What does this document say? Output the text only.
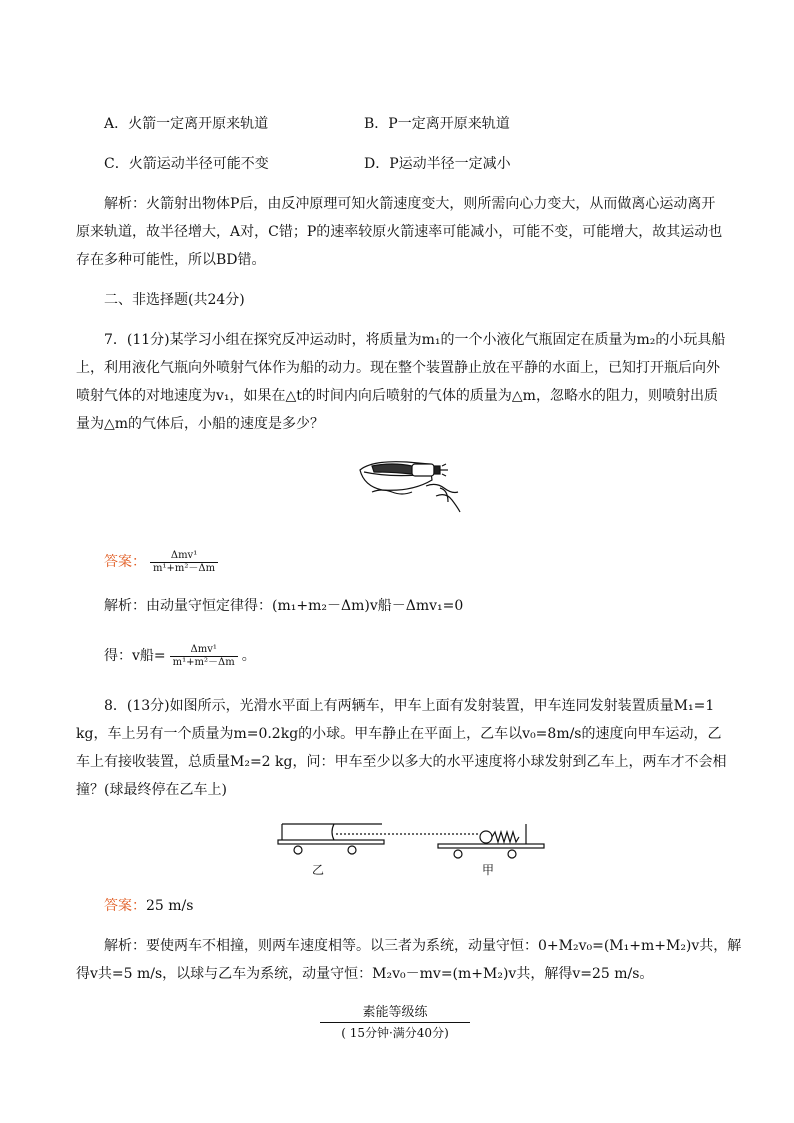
A．火箭一定离开原来轨道	B．P一定离开原来轨道
C．火箭运动半径可能不变	D．P运动半径一定减小
解析：火箭射出物体P后，由反冲原理可知火箭速度变大，则所需向心力变大，从而做离心运动离开
原来轨道，故半径增大，A对，C错；P的速率较原火箭速率可能减小，可能不变，可能增大，故其运动也
存在多种可能性，所以BD错。
二、非选择题(共24分)
7．(11分)某学习小组在探究反冲运动时，将质量为m₁的一个小液化气瓶固定在质量为m₂的小玩具船
上，利用液化气瓶向外喷射气体作为船的动力。现在整个装置静止放在平静的水面上，已知打开瓶后向外
喷射气体的对地速度为v₁，如果在△t的时间内向后喷射的气体的质量为△m，忽略水的阻力，则喷射出质
量为△m的气体后，小船的速度是多少？
答案： $\frac{\text{Δmv¹}}{\text{m¹+m²－Δm}}$
解析：由动量守恒定律得：(m₁+m₂－Δm)v船－Δmv₁=0
得：v船= $\frac{\text{Δmv¹}}{\text{m¹+m²－Δm}}$ 。
8．(13分)如图所示，光滑水平面上有两辆车，甲车上面有发射装置，甲车连同发射装置质量M₁=1
kg，车上另有一个质量为m=0.2kg的小球。甲车静止在平面上，乙车以v₀=8m/s的速度向甲车运动，乙
车上有接收装置，总质量M₂=2 kg，问：甲车至少以多大的水平速度将小球发射到乙车上，两车才不会相
撞？(球最终停在乙车上)
乙	甲
答案：25 m/s
解析：要使两车不相撞，则两车速度相等。以三者为系统，动量守恒：0+M₂v₀=(M₁+m+M₂)v共，解
得v共=5 m/s，以球与乙车为系统，动量守恒：M₂v₀－mv=(m+M₂)v共，解得v=25 m/s。
素能等级练
( 15分钟·满分40分)
